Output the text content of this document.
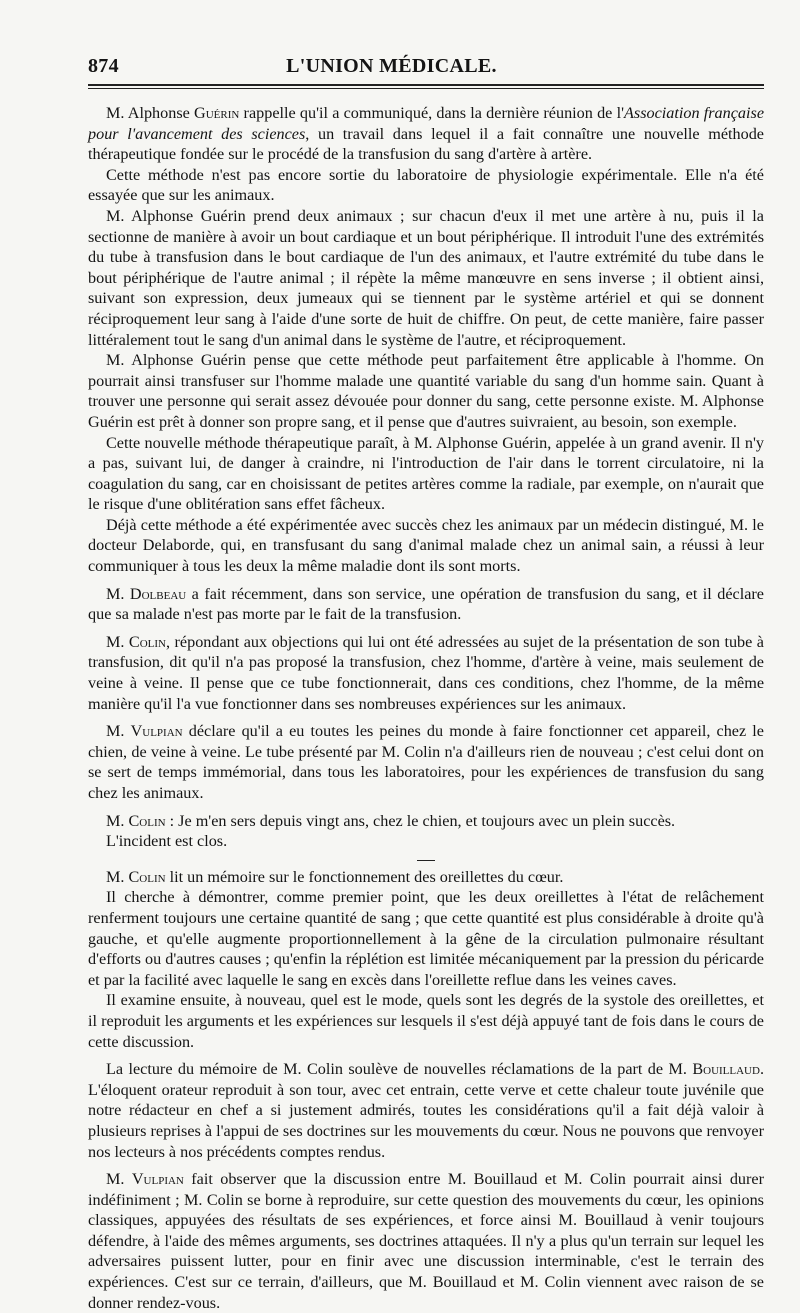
874	L'UNION MÉDICALE.

M. Alphonse Guérin rappelle qu'il a communiqué, dans la dernière réunion de l'Association française pour l'avancement des sciences, un travail dans lequel il a fait connaître une nouvelle méthode thérapeutique fondée sur le procédé de la transfusion du sang d'artère à artère.

Cette méthode n'est pas encore sortie du laboratoire de physiologie expérimentale. Elle n'a été essayée que sur les animaux.

M. Alphonse Guérin prend deux animaux ; sur chacun d'eux il met une artère à nu, puis il la sectionne de manière à avoir un bout cardiaque et un bout périphérique. Il introduit l'une des extrémités du tube à transfusion dans le bout cardiaque de l'un des animaux, et l'autre extrémité du tube dans le bout périphérique de l'autre animal ; il répète la même manœuvre en sens inverse ; il obtient ainsi, suivant son expression, deux jumeaux qui se tiennent par le système artériel et qui se donnent réciproquement leur sang à l'aide d'une sorte de huit de chiffre. On peut, de cette manière, faire passer littéralement tout le sang d'un animal dans le système de l'autre, et réciproquement.

M. Alphonse Guérin pense que cette méthode peut parfaitement être applicable à l'homme. On pourrait ainsi transfuser sur l'homme malade une quantité variable du sang d'un homme sain. Quant à trouver une personne qui serait assez dévouée pour donner du sang, cette personne existe. M. Alphonse Guérin est prêt à donner son propre sang, et il pense que d'autres suivraient, au besoin, son exemple.

Cette nouvelle méthode thérapeutique paraît, à M. Alphonse Guérin, appelée à un grand avenir. Il n'y a pas, suivant lui, de danger à craindre, ni l'introduction de l'air dans le torrent circulatoire, ni la coagulation du sang, car en choisissant de petites artères comme la radiale, par exemple, on n'aurait que le risque d'une oblitération sans effet fâcheux.

Déjà cette méthode a été expérimentée avec succès chez les animaux par un médecin distingué, M. le docteur Delaborde, qui, en transfusant du sang d'animal malade chez un animal sain, a réussi à leur communiquer à tous les deux la même maladie dont ils sont morts.

M. Dolbeau a fait récemment, dans son service, une opération de transfusion du sang, et il déclare que sa malade n'est pas morte par le fait de la transfusion.

M. Colin, répondant aux objections qui lui ont été adressées au sujet de la présentation de son tube à transfusion, dit qu'il n'a pas proposé la transfusion, chez l'homme, d'artère à veine, mais seulement de veine à veine. Il pense que ce tube fonctionnerait, dans ces conditions, chez l'homme, de la même manière qu'il l'a vue fonctionner dans ses nombreuses expériences sur les animaux.

M. Vulpian déclare qu'il a eu toutes les peines du monde à faire fonctionner cet appareil, chez le chien, de veine à veine. Le tube présenté par M. Colin n'a d'ailleurs rien de nouveau ; c'est celui dont on se sert de temps immémorial, dans tous les laboratoires, pour les expériences de transfusion du sang chez les animaux.

M. Colin : Je m'en sers depuis vingt ans, chez le chien, et toujours avec un plein succès.

L'incident est clos.

M. Colin lit un mémoire sur le fonctionnement des oreillettes du cœur.

Il cherche à démontrer, comme premier point, que les deux oreillettes à l'état de relâchement renferment toujours une certaine quantité de sang ; que cette quantité est plus considérable à droite qu'à gauche, et qu'elle augmente proportionnellement à la gêne de la circulation pulmonaire résultant d'efforts ou d'autres causes ; qu'enfin la réplétion est limitée mécaniquement par la pression du péricarde et par la facilité avec laquelle le sang en excès dans l'oreillette reflue dans les veines caves.

Il examine ensuite, à nouveau, quel est le mode, quels sont les degrés de la systole des oreillettes, et il reproduit les arguments et les expériences sur lesquels il s'est déjà appuyé tant de fois dans le cours de cette discussion.

La lecture du mémoire de M. Colin soulève de nouvelles réclamations de la part de M. Bouillaud. L'éloquent orateur reproduit à son tour, avec cet entrain, cette verve et cette chaleur toute juvénile que notre rédacteur en chef a si justement admirés, toutes les considérations qu'il a fait déjà valoir à plusieurs reprises à l'appui de ses doctrines sur les mouvements du cœur. Nous ne pouvons que renvoyer nos lecteurs à nos précédents comptes rendus.

M. Vulpian fait observer que la discussion entre M. Bouillaud et M. Colin pourrait ainsi durer indéfiniment ; M. Colin se borne à reproduire, sur cette question des mouvements du cœur, les opinions classiques, appuyées des résultats de ses expériences, et force ainsi M. Bouillaud à venir toujours défendre, à l'aide des mêmes arguments, ses doctrines attaquées. Il n'y a plus qu'un terrain sur lequel les adversaires puissent lutter, pour en finir avec une discussion interminable, c'est le terrain des expériences. C'est sur ce terrain, d'ailleurs, que M. Bouillaud et M. Colin viennent avec raison de se donner rendez-vous.
